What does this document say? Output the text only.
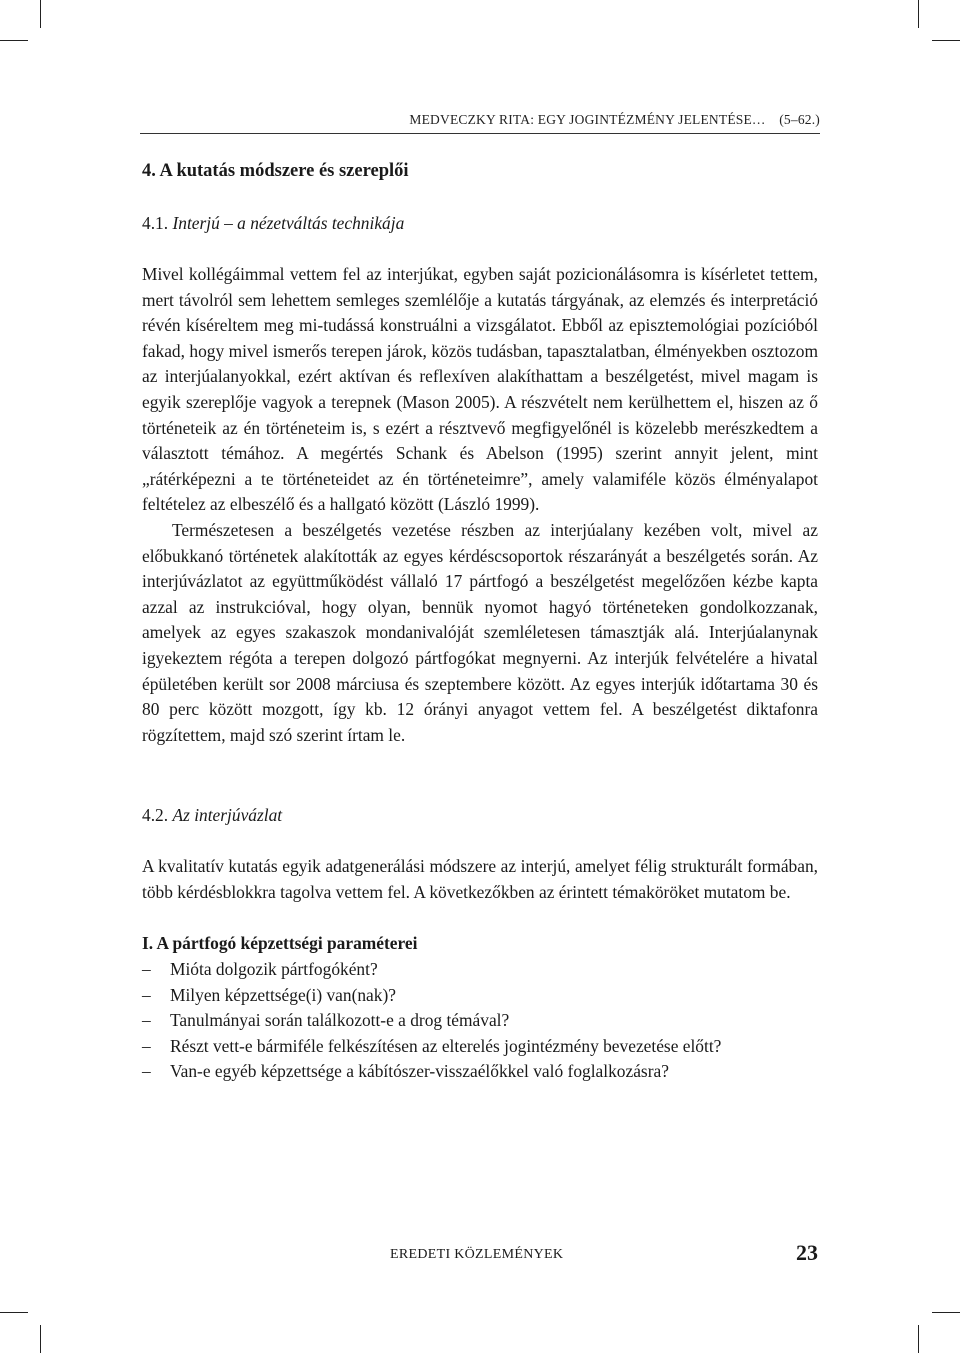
MEDVECZKY RITA: EGY JOGINTÉZMÉNY JELENTÉSE… (5–62.)
4. A kutatás módszere és szereplői
4.1. Interjú – a nézetváltás technikája

Mivel kollégáimmal vettem fel az interjúkat, egyben saját pozicionálásomra is kísérletet tettem, mert távolról sem lehettem semleges szemlélője a kutatás tárgyának, az elemzés és interpretáció révén kíséreltem meg mi-tudássá konstruálni a vizsgálatot. Ebből az episztemológiai pozícióból fakad, hogy mivel ismerős terepen járok, közös tudásban, tapasztalatban, élményekben osztozom az interjúalanyokkal, ezért aktívan és reflexíven alakíthattam a beszélgetést, mivel magam is egyik szereplője vagyok a terepnek (Mason 2005). A részvételt nem kerülhettem el, hiszen az ő történeteik az én történeteim is, s ezért a résztvevő megfigyelőnél is közelebb merészkedtem a választott témához. A megértés Schank és Abelson (1995) szerint annyit jelent, mint „rátérképezni a te történeteidet az én történeteimre”, amely valamiféle közös élményalapot feltételez az elbeszélő és a hallgató között (László 1999).

Természetesen a beszélgetés vezetése részben az interjúalany kezében volt, mivel az előbukkanó történetek alakították az egyes kérdéscsoportok részarányát a beszélgetés során. Az interjúvázlatot az együttműködést vállaló 17 pártfogó a beszélgetést megelőzően kézbe kapta azzal az instrukcióval, hogy olyan, bennük nyomot hagyó történeteken gondolkozzanak, amelyek az egyes szakaszok mondanivalóját szemléletesen támasztják alá. Interjúalanynak igyekeztem régóta a terepen dolgozó pártfogókat megnyerni. Az interjúk felvételére a hivatal épületében került sor 2008 márciusa és szeptembere között. Az egyes interjúk időtartama 30 és 80 perc között mozgott, így kb. 12 órányi anyagot vettem fel. A beszélgetést diktafonra rögzítettem, majd szó szerint írtam le.

4.2. Az interjúvázlat

A kvalitatív kutatás egyik adatgenerálási módszere az interjú, amelyet félig strukturált formában, több kérdésblokkra tagolva vettem fel. A következőkben az érintett témaköröket mutatom be.

I. A pártfogó képzettségi paraméterei
– Mióta dolgozik pártfogóként?
– Milyen képzettsége(i) van(nak)?
– Tanulmányai során találkozott-e a drog témával?
– Részt vett-e bármiféle felkészítésen az elterelés jogintézmény bevezetése előtt?
– Van-e egyéb képzettsége a kábítószer-visszaélőkkel való foglalkozásra?
EREDETI KÖZLEMÉNYEK	23
